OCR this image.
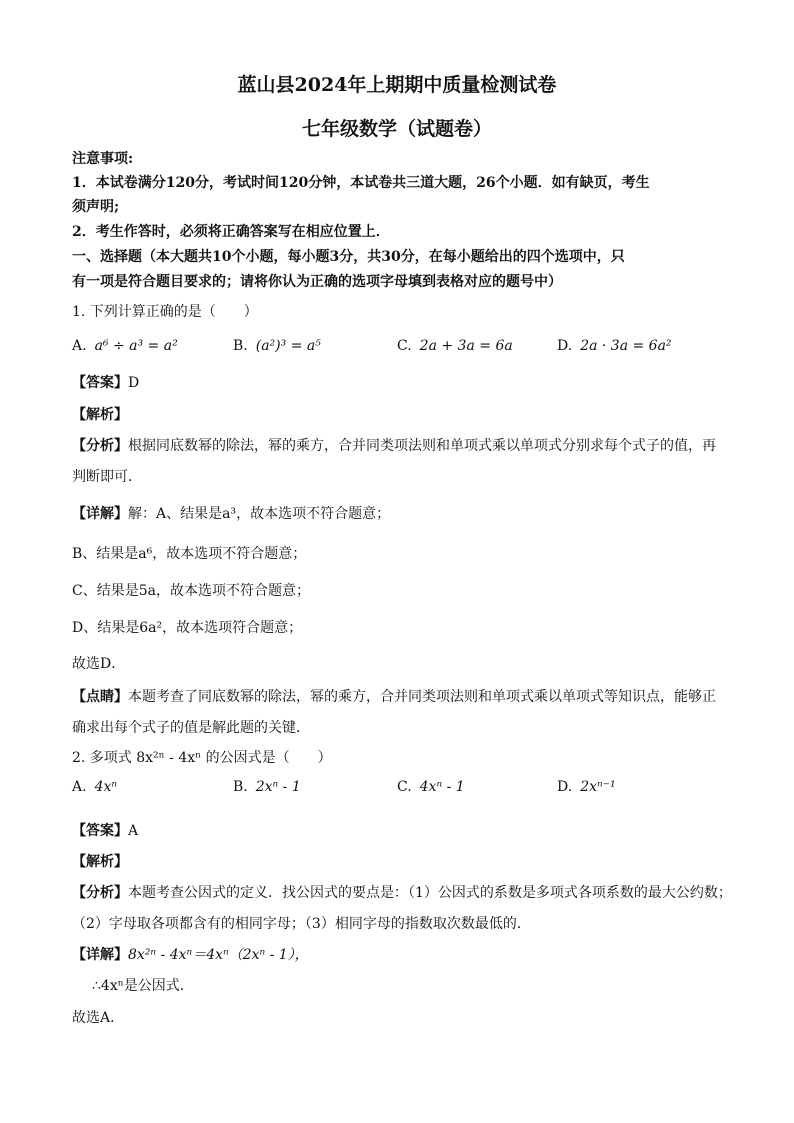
蓝山县2024年上期期中质量检测试卷
七年级数学（试题卷）
注意事项:
1．本试卷满分120分，考试时间120分钟，本试卷共三道大题，26个小题．如有缺页，考生
须声明;
2．考生作答时，必须将正确答案写在相应位置上．
一、选择题（本大题共10个小题，每小题3分，共30分，在每小题给出的四个选项中，只
有一项是符合题目要求的；请将你认为正确的选项字母填到表格对应的题号中）
1. 下列计算正确的是（　　）
A. a⁶ ÷ a³ = a²	B. (a²)³ = a⁵	C. 2a + 3a = 6a	D. 2a · 3a = 6a²
【答案】D
【解析】
【分析】根据同底数幂的除法，幂的乘方，合并同类项法则和单项式乘以单项式分别求每个式子的值，再
判断即可．
【详解】解：A、结果是a³，故本选项不符合题意；
B、结果是a⁶，故本选项不符合题意；
C、结果是5a，故本选项不符合题意；
D、结果是6a²，故本选项符合题意；
故选D．
【点睛】本题考查了同底数幂的除法，幂的乘方，合并同类项法则和单项式乘以单项式等知识点，能够正
确求出每个式子的值是解此题的关键．
2. 多项式 8x²ⁿ - 4xⁿ 的公因式是（　　）
A. 4xⁿ	B. 2xⁿ - 1	C. 4xⁿ - 1	D. 2xⁿ⁻¹
【答案】A
【解析】
【分析】本题考查公因式的定义．找公因式的要点是：（1）公因式的系数是多项式各项系数的最大公约数；
（2）字母取各项都含有的相同字母；（3）相同字母的指数取次数最低的．
【详解】8x²ⁿ - 4xⁿ＝4xⁿ（2xⁿ - 1），
∴4xⁿ是公因式．
故选A．
